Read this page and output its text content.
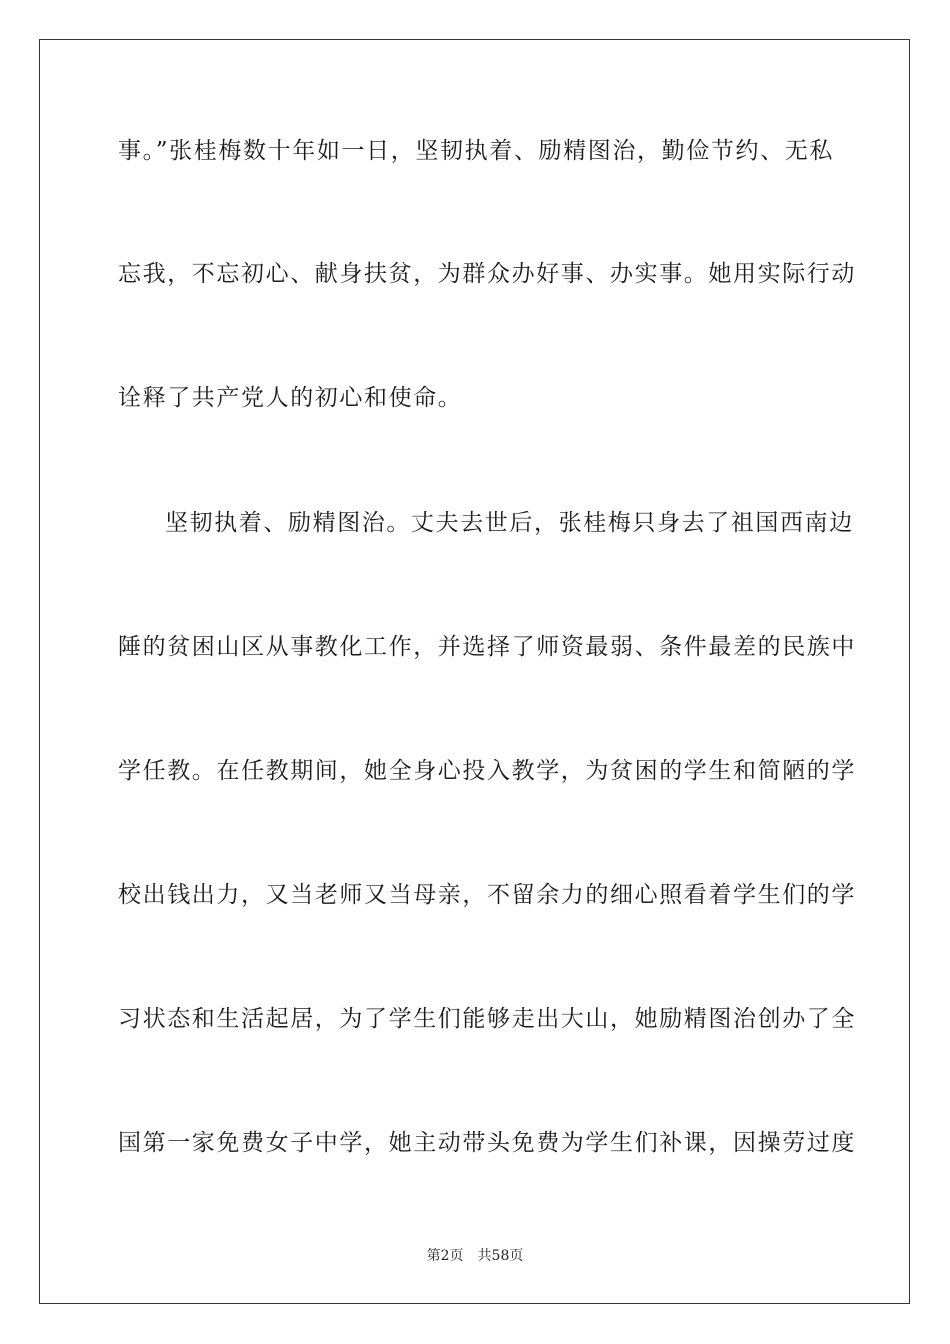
事。”张桂梅数十年如一日，坚韧执着、励精图治，勤俭节约、无私
忘我，不忘初心、献身扶贫，为群众办好事、办实事。她用实际行动
诠释了共产党人的初心和使命。
坚韧执着、励精图治。丈夫去世后，张桂梅只身去了祖国西南边
陲的贫困山区从事教化工作，并选择了师资最弱、条件最差的民族中
学任教。在任教期间，她全身心投入教学，为贫困的学生和简陋的学
校出钱出力，又当老师又当母亲，不留余力的细心照看着学生们的学
习状态和生活起居，为了学生们能够走出大山，她励精图治创办了全
国第一家免费女子中学，她主动带头免费为学生们补课，因操劳过度
第2页 共58页
